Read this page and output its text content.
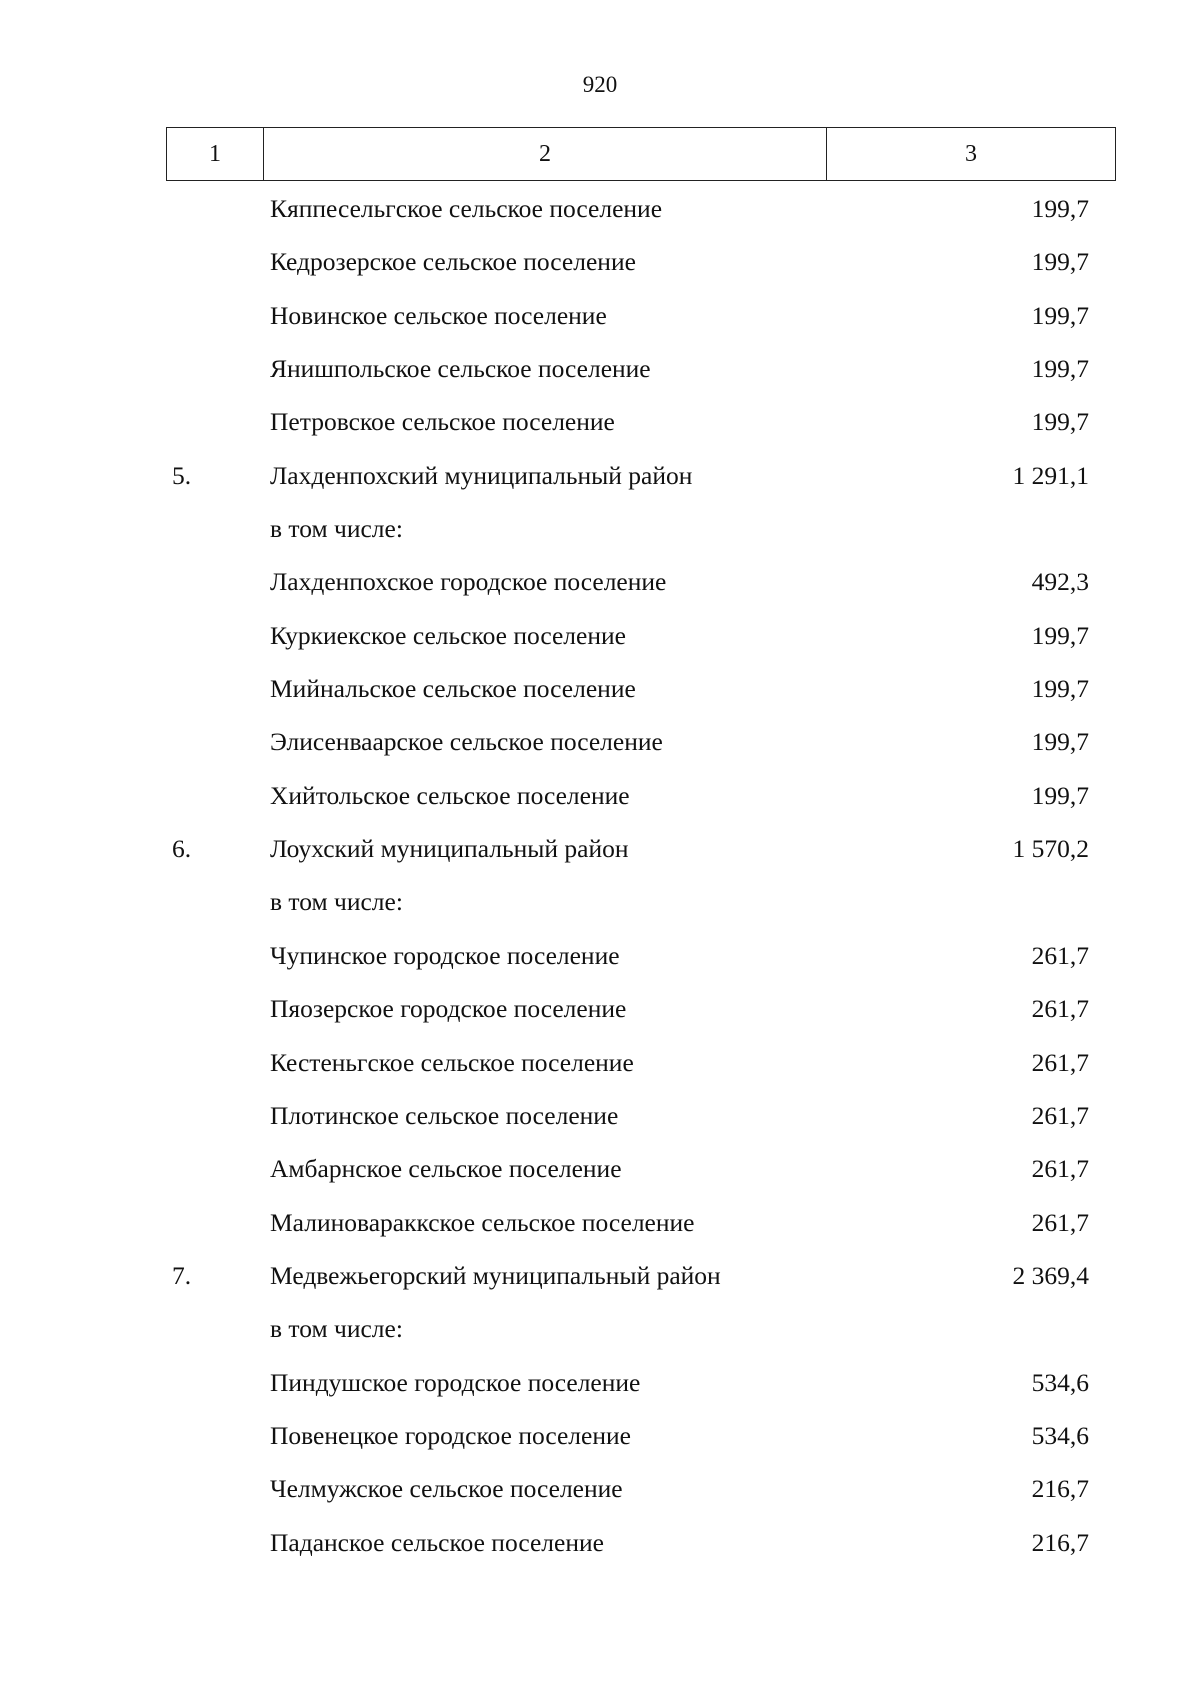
920
1	2	3
Кяппесельгское сельское поселение	199,7
Кедрозерское сельское поселение	199,7
Новинское сельское поселение	199,7
Янишпольское сельское поселение	199,7
Петровское сельское поселение	199,7
5.	Лахденпохский муниципальный район	1 291,1
в том числе:
Лахденпохское городское поселение	492,3
Куркиекское сельское поселение	199,7
Мийнальское сельское поселение	199,7
Элисенваарское сельское поселение	199,7
Хийтольское сельское поселение	199,7
6.	Лоухский муниципальный район	1 570,2
в том числе:
Чупинское городское поселение	261,7
Пяозерское городское поселение	261,7
Кестеньгское сельское поселение	261,7
Плотинское сельское поселение	261,7
Амбарнское сельское поселение	261,7
Малиновараккское сельское поселение	261,7
7.	Медвежьегорский муниципальный район	2 369,4
в том числе:
Пиндушское городское поселение	534,6
Повенецкое городское поселение	534,6
Челмужское сельское поселение	216,7
Паданское сельское поселение	216,7
